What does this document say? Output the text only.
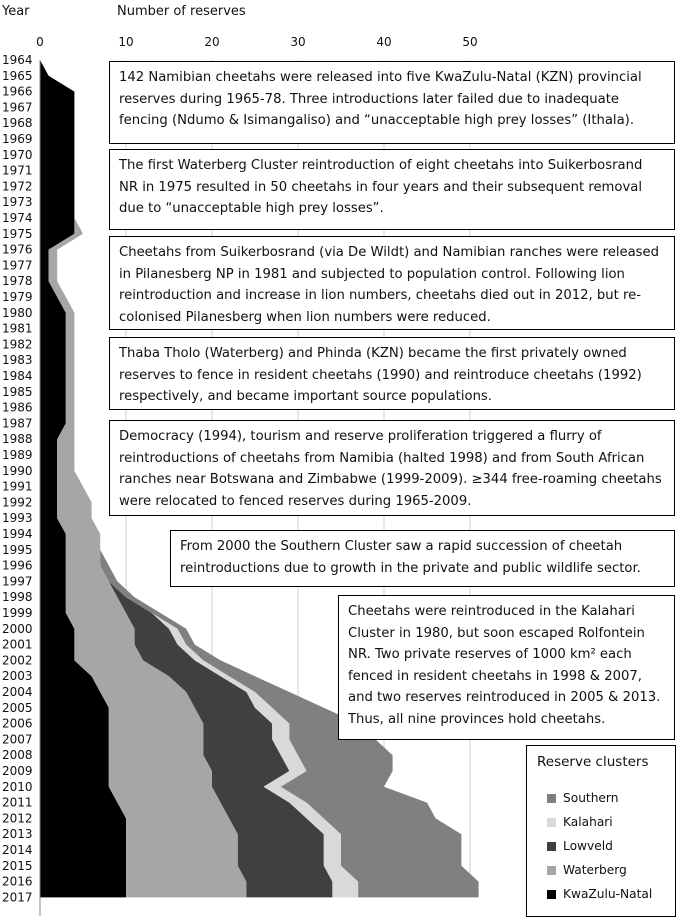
Year	Number of reserves
0	10	20	30	40	50
1964
1965
1966
1967
1968
1969
1970
1971
1972
1973
1974
1975
1976
1977
1978
1979
1980
1981
1982
1983
1984
1985
1986
1987
1988
1989
1990
1991
1992
1993
1994
1995
1996
1997
1998
1999
2000
2001
2002
2003
2004
2005
2006
2007
2008
2009
2010
2011
2012
2013
2014
2015
2016
2017
142 Namibian cheetahs were released into five KwaZulu-Natal (KZN) provincial reserves during 1965-78. Three introductions later failed due to inadequate fencing (Ndumo & Isimangaliso) and “unacceptable high prey losses” (Ithala).
The first Waterberg Cluster reintroduction of eight cheetahs into Suikerbosrand NR in 1975 resulted in 50 cheetahs in four years and their subsequent removal due to “unacceptable high prey losses”.
Cheetahs from Suikerbosrand (via De Wildt) and Namibian ranches were released in Pilanesberg NP in 1981 and subjected to population control. Following lion reintroduction and increase in lion numbers, cheetahs died out in 2012, but re-colonised Pilanesberg when lion numbers were reduced.
Thaba Tholo (Waterberg) and Phinda (KZN) became the first privately owned reserves to fence in resident cheetahs (1990) and reintroduce cheetahs (1992) respectively, and became important source populations.
Democracy (1994), tourism and reserve proliferation triggered a flurry of reintroductions of cheetahs from Namibia (halted 1998) and from South African ranches near Botswana and Zimbabwe (1999-2009). ≥344 free-roaming cheetahs were relocated to fenced reserves during 1965-2009.
From 2000 the Southern Cluster saw a rapid succession of cheetah reintroductions due to growth in the private and public wildlife sector.
Cheetahs were reintroduced in the Kalahari Cluster in 1980, but soon escaped Rolfontein NR. Two private reserves of 1000 km² each fenced in resident cheetahs in 1998 & 2007, and two reserves reintroduced in 2005 & 2013. Thus, all nine provinces hold cheetahs.
Reserve clusters
Southern
Kalahari
Lowveld
Waterberg
KwaZulu-Natal
